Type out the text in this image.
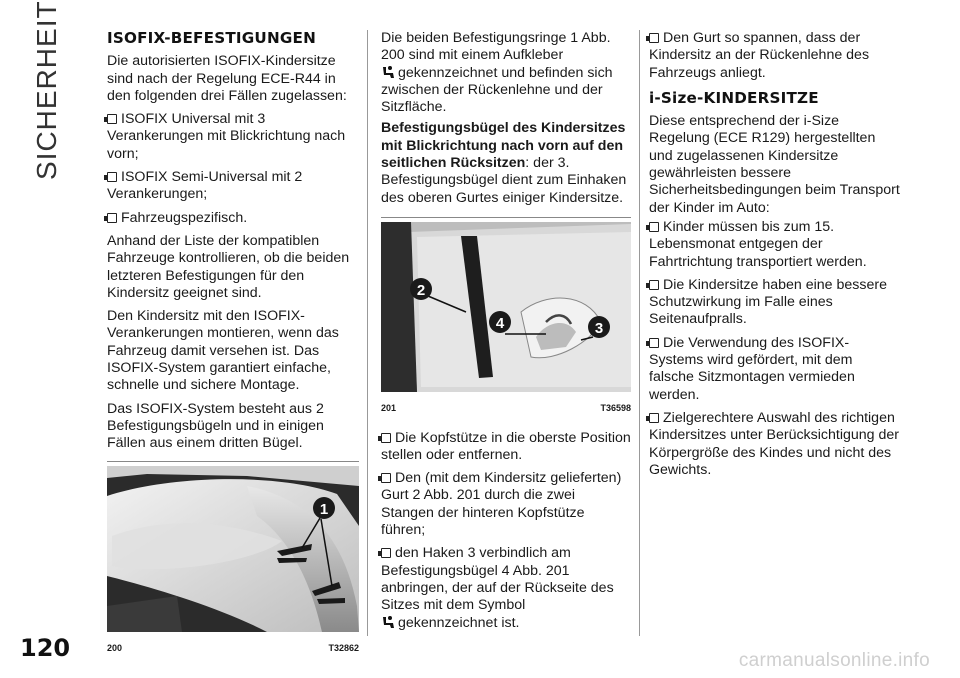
SICHERHEIT
120	carmanualsonline.info
ISOFIX-BEFESTIGUNGEN

Die autorisierten ISOFIX-Kindersitze sind nach der Regelung ECE-R44 in den folgenden drei Fällen zugelassen:

ISOFIX Universal mit 3 Verankerungen mit Blickrichtung nach vorn;

ISOFIX Semi-Universal mit 2 Verankerungen;

Fahrzeugspezifisch.

Anhand der Liste der kompatiblen Fahrzeuge kontrollieren, ob die beiden letzteren Befestigungen für den Kindersitz geeignet sind.

Den Kindersitz mit den ISOFIX-Verankerungen montieren, wenn das Fahrzeug damit versehen ist. Das ISOFIX-System garantiert einfache, schnelle und sichere Montage.

Das ISOFIX-System besteht aus 2 Befestigungsbügeln und in einigen Fällen aus einem dritten Bügel.

1
200	T32862

Die beiden Befestigungsringe 1 Abb. 200 sind mit einem Aufkleber
gekennzeichnet und befinden sich zwischen der Rückenlehne und der Sitzfläche.

Befestigungsbügel des Kindersitzes mit Blickrichtung nach vorn auf den seitlichen Rücksitzen: der 3. Befestigungsbügel dient zum Einhaken des oberen Gurtes einiger Kindersitze.

2
4	3
201	T36598

Die Kopfstütze in die oberste Position stellen oder entfernen.

Den (mit dem Kindersitz gelieferten) Gurt 2 Abb. 201 durch die zwei Stangen der hinteren Kopfstütze führen;

den Haken 3 verbindlich am Befestigungsbügel 4 Abb. 201 anbringen, der auf der Rückseite des Sitzes mit dem Symbol
gekennzeichnet ist.

Den Gurt so spannen, dass der Kindersitz an der Rückenlehne des Fahrzeugs anliegt.

i-Size-KINDERSITZE

Diese entsprechend der i-Size Regelung (ECE R129) hergestellten und zugelassenen Kindersitze gewährleisten bessere Sicherheitsbedingungen beim Transport der Kinder im Auto:

Kinder müssen bis zum 15. Lebensmonat entgegen der Fahrtrichtung transportiert werden.

Die Kindersitze haben eine bessere Schutzwirkung im Falle eines Seitenaufpralls.

Die Verwendung des ISOFIX-Systems wird gefördert, mit dem falsche Sitzmontagen vermieden werden.

Zielgerechtere Auswahl des richtigen Kindersitzes unter Berücksichtigung der Körpergröße des Kindes und nicht des Gewichts.
